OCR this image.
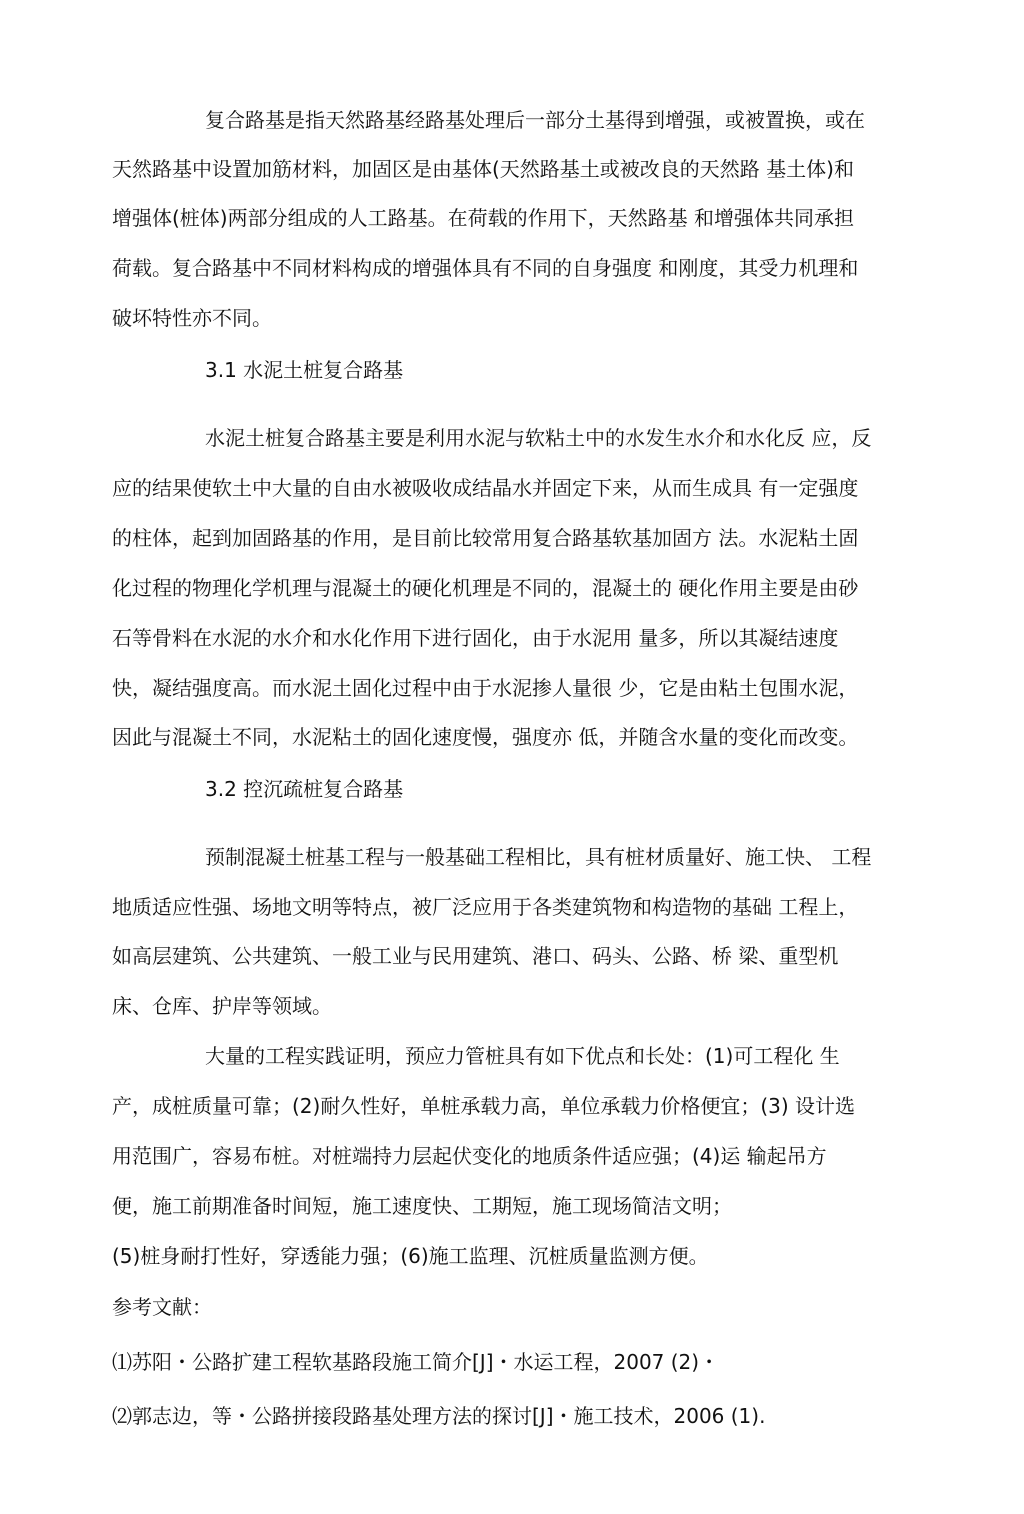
复合路基是指天然路基经路基处理后一部分土基得到增强，或被置换，或在
天然路基中设置加筋材料，加固区是由基体(天然路基土或被改良的天然路 基土体)和
增强体(桩体)两部分组成的人工路基。在荷载的作用下，天然路基 和增强体共同承担
荷载。复合路基中不同材料构成的增强体具有不同的自身强度 和刚度，其受力机理和
破坏特性亦不同。
3.1 水泥土桩复合路基
水泥土桩复合路基主要是利用水泥与软粘土中的水发生水介和水化反 应，反
应的结果使软土中大量的自由水被吸收成结晶水并固定下来，从而生成具 有一定强度
的柱体，起到加固路基的作用，是目前比较常用复合路基软基加固方 法。水泥粘土固
化过程的物理化学机理与混凝土的硬化机理是不同的，混凝土的 硬化作用主要是由砂
石等骨料在水泥的水介和水化作用下进行固化，由于水泥用 量多，所以其凝结速度
快，凝结强度高。而水泥土固化过程中由于水泥掺人量很 少，它是由粘土包围水泥，
因此与混凝土不同，水泥粘土的固化速度慢，强度亦 低，并随含水量的变化而改变。
3.2 控沉疏桩复合路基
预制混凝土桩基工程与一般基础工程相比，具有桩材质量好、施工快、 工程
地质适应性强、场地文明等特点，被厂泛应用于各类建筑物和构造物的基础 工程上，
如高层建筑、公共建筑、一般工业与民用建筑、港口、码头、公路、桥 梁、重型机
床、仓库、护岸等领域。
大量的工程实践证明，预应力管桩具有如下优点和长处：(1)可工程化 生
产，成桩质量可靠；(2)耐久性好，单桩承载力高，单位承载力价格便宜；(3) 设计选
用范围广，容易布桩。对桩端持力层起伏变化的地质条件适应强；(4)运 输起吊方
便，施工前期准备时间短，施工速度快、工期短，施工现场简洁文明；
(5)桩身耐打性好，穿透能力强；(6)施工监理、沉桩质量监测方便。
参考文献：
⑴苏阳・公路扩建工程软基路段施工简介[J]・水运工程，2007 (2)・
⑵郭志边，等・公路拼接段路基处理方法的探讨[J]・施工技术，2006 (1).
